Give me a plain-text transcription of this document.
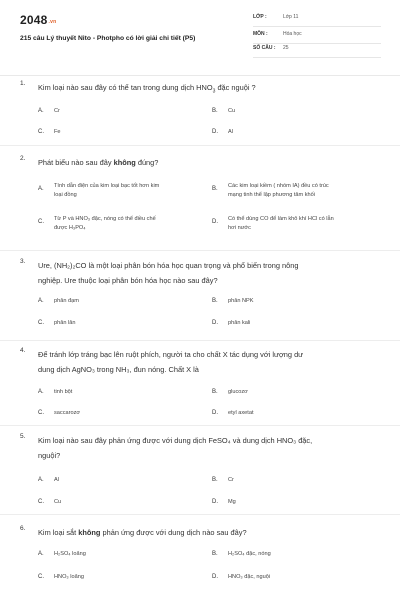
2048.vn
215 câu Lý thuyết Nito - Photpho có lời giải chi tiết (P5)
LỚP :	Lớp 11
MÔN :	Hóa học
SỐ CÂU : 25
1. Kim loại nào sau đây có thể tan trong dung dịch $HNO_3$ đặc nguội ?
A. Cr	B. Cu
C. Fe	D. Al
2. Phát biểu nào sau đây không đúng?
A. Tính dẫn điện của kim loại bạc tốt hơn kim
loại đồng
B. Các kim loại kiềm ( nhóm IA) đều có trúc
mạng tinh thể lập phương tâm khối
C. Từ P và HNO₃ đặc, nóng có thể điều chế
được H₃PO₄
D. Có thể dùng CO để làm khô khí HCl có lẫn
hơi nước
3. Ure, (NH₂)₂CO là một loại phân bón hóa học quan trọng và phổ biến trong nông
nghiệp. Ure thuộc loại phân bón hóa học nào sau đây?
A. phân đạm	B. phân NPK
C. phân lân	D. phân kali
4. Để tránh lớp tráng bạc lên ruột phích, người ta cho chất X tác dụng với lượng dư
dung dịch AgNO₃ trong NH₃, đun nóng. Chất X là
A. tinh bột	B. glucozơ
C. saccarozơ	D. etyl axetat
5. Kim loại nào sau đây phản ứng được với dung dịch FeSO₄ và dung dịch HNO₃ đặc,
nguội?
A. Al	B. Cr
C. Cu	D. Mg
6. Kim loại sắt không phản ứng được với dung dịch nào sau đây?
A. H₂SO₄ loãng	B. H₂SO₄ đặc, nóng
C. HNO₃ loãng	D. HNO₃ đặc, nguội
